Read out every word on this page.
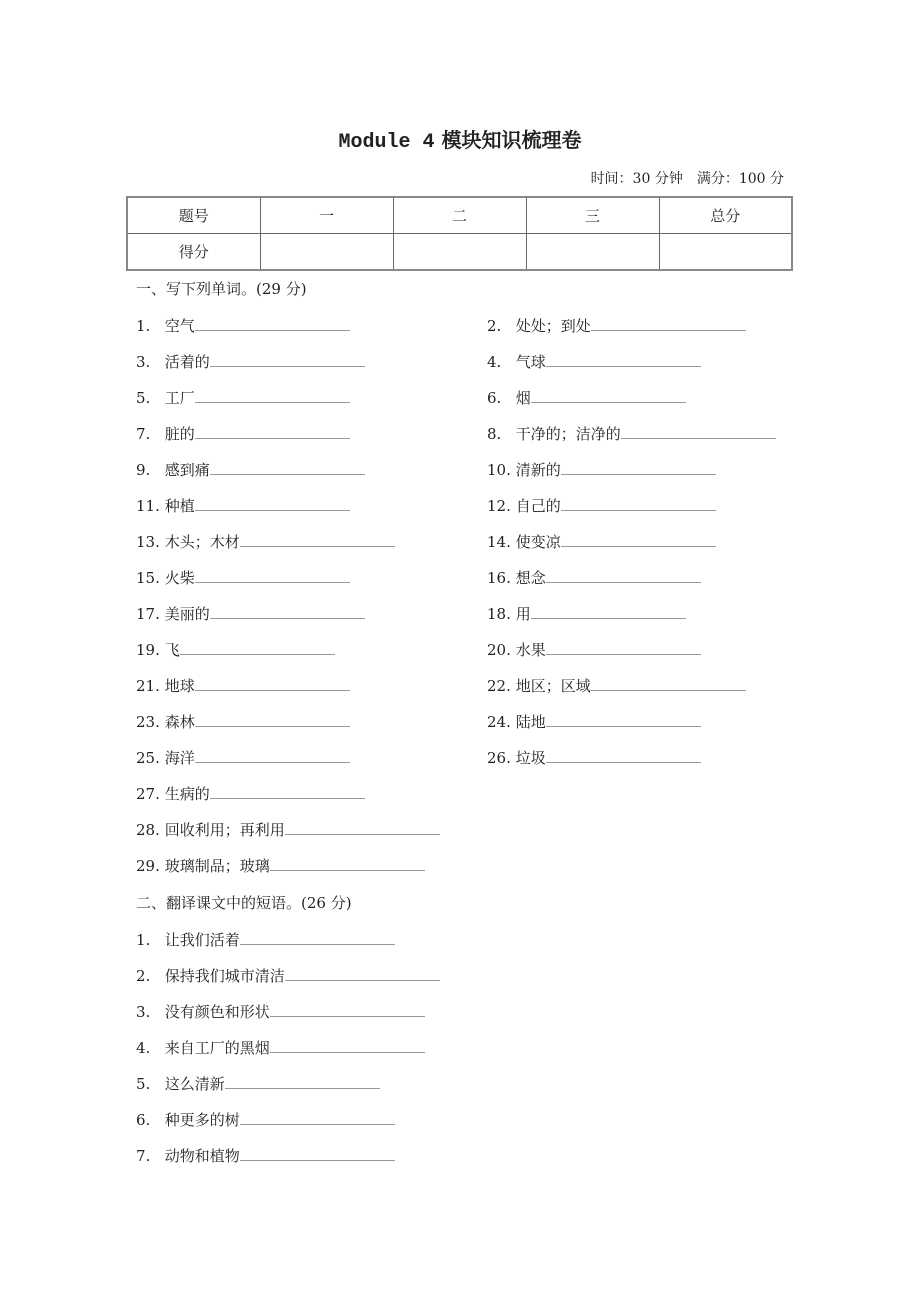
Module 4 模块知识梳理卷
时间：30 分钟　满分：100 分
题号	一	二	三	总分
得分				
一、写下列单词。(29 分)
二、翻译课文中的短语。(26 分)
1. 空气	2. 处处；到处
3. 活着的	4. 气球
5. 工厂	6. 烟
7. 脏的	8. 干净的；洁净的
9. 感到痛	10. 清新的
11. 种植	12. 自己的
13. 木头；木材	14. 使变凉
15. 火柴	16. 想念
17. 美丽的	18. 用
19. 飞	20. 水果
21. 地球	22. 地区；区域
23. 森林	24. 陆地
25. 海洋	26. 垃圾
27. 生病的
28. 回收利用；再利用
29. 玻璃制品；玻璃
1. 让我们活着
2. 保持我们城市清洁
3. 没有颜色和形状
4. 来自工厂的黑烟
5. 这么清新
6. 种更多的树
7. 动物和植物
